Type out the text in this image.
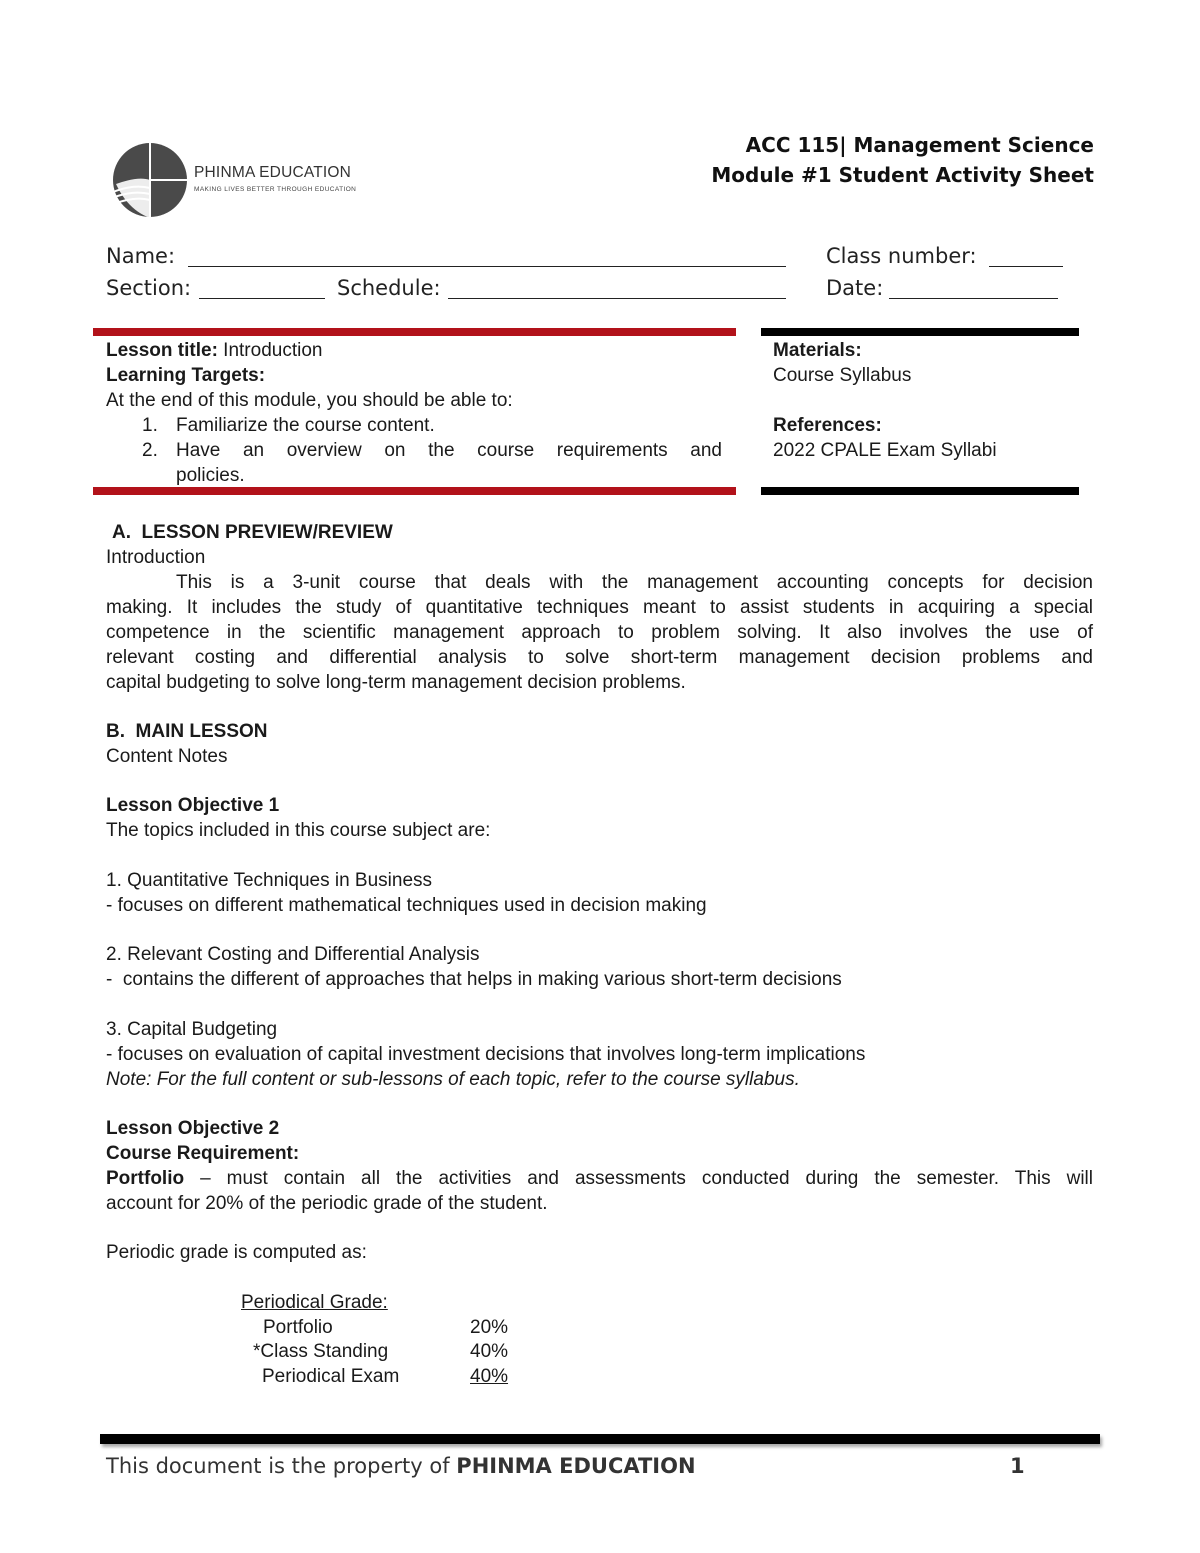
PHINMA EDUCATION
MAKING LIVES BETTER THROUGH EDUCATION
ACC 115| Management Science
Module #1 Student Activity Sheet
Name:	Class number:
Section:	Schedule:	Date:
Lesson title: Introduction
Learning Targets:
At the end of this module, you should be able to:
1. Familiarize the course content.
2. Have an overview on the course requirements and
policies.
Materials:
Course Syllabus
References:
2022 CPALE Exam Syllabi
A.  LESSON PREVIEW/REVIEW
Introduction
This is a 3-unit course that deals with the management accounting concepts for decision
making. It includes the study of quantitative techniques meant to assist students in acquiring a special
competence in the scientific management approach to problem solving. It also involves the use of
relevant costing and differential analysis to solve short-term management decision problems and
capital budgeting to solve long-term management decision problems.
B.  MAIN LESSON
Content Notes
Lesson Objective 1
The topics included in this course subject are:
1. Quantitative Techniques in Business
- focuses on different mathematical techniques used in decision making
2. Relevant Costing and Differential Analysis
-  contains the different of approaches that helps in making various short-term decisions
3. Capital Budgeting
- focuses on evaluation of capital investment decisions that involves long-term implications
Note: For the full content or sub-lessons of each topic, refer to the course syllabus.
Lesson Objective 2
Course Requirement:
Portfolio – must contain all the activities and assessments conducted during the semester. This will
account for 20% of the periodic grade of the student.
Periodic grade is computed as:
Periodical Grade:
Portfolio	20%
*Class Standing	40%
Periodical Exam	40%
This document is the property of PHINMA EDUCATION	1
